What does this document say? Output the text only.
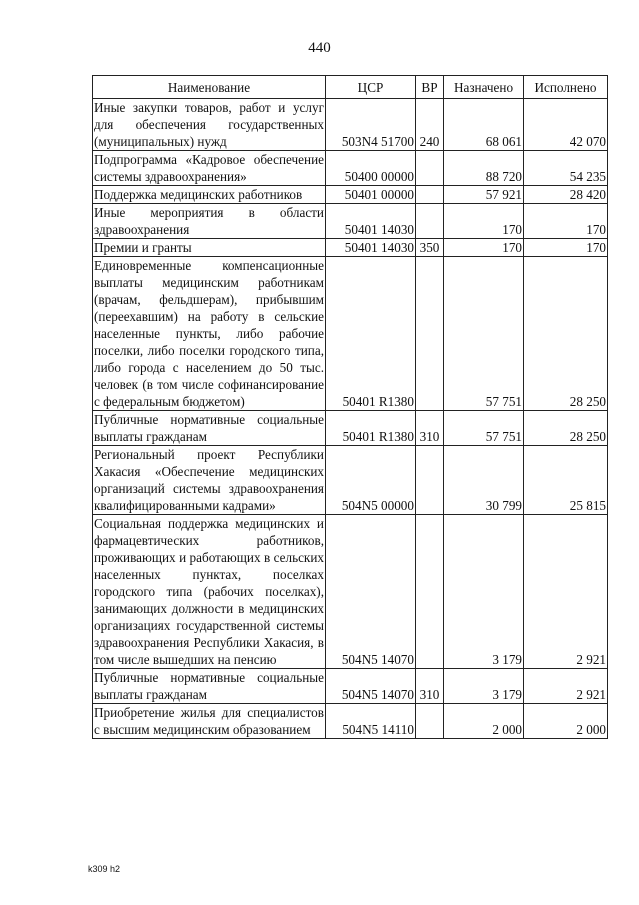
440
Наименование	ЦСР	ВР	Назначено	Исполнено
Иные закупки товаров, работ и услуг для обеспечения государственных (муниципальных) нужд	503N4 51700	240	68 061	42 070
Подпрограмма «Кадровое обеспечение системы здравоохранения»	50400 00000		88 720	54 235
Поддержка медицинских работников	50401 00000		57 921	28 420
Иные мероприятия в области здравоохранения	50401 14030		170	170
Премии и гранты	50401 14030	350	170	170
Единовременные компенсационные выплаты медицинским работникам (врачам, фельдшерам), прибывшим (переехавшим) на работу в сельские населенные пункты, либо рабочие поселки, либо поселки городского типа, либо города с населением до 50 тыс. человек (в том числе софинансирование с федеральным бюджетом)	50401 R1380		57 751	28 250
Публичные нормативные социальные выплаты гражданам	50401 R1380	310	57 751	28 250
Региональный проект Республики Хакасия «Обеспечение медицинских организаций системы здравоохранения квалифицированными кадрами»	504N5 00000		30 799	25 815
Социальная поддержка медицинских и фармацевтических работников, проживающих и работающих в сельских населенных пунктах, поселках городского типа (рабочих поселках), занимающих должности в медицинских организациях государственной системы здравоохранения Республики Хакасия, в том числе вышедших на пенсию	504N5 14070		3 179	2 921
Публичные нормативные социальные выплаты гражданам	504N5 14070	310	3 179	2 921
Приобретение жилья для специалистов с высшим медицинским образованием	504N5 14110		2 000	2 000
k309 h2
